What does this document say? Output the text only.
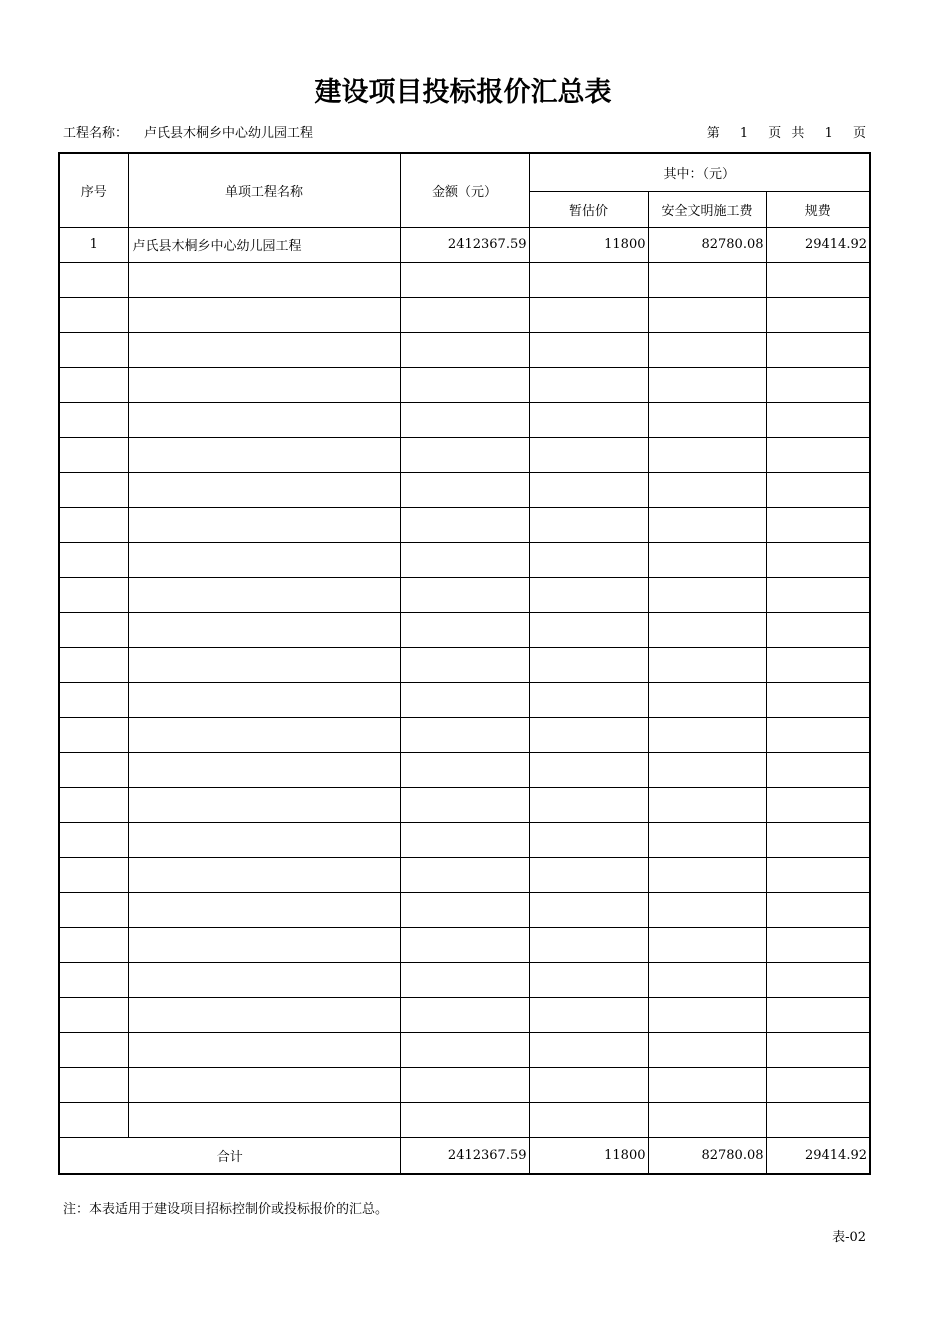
建设项目投标报价汇总表
工程名称： 卢氏县木桐乡中心幼儿园工程	第 1 页 共 1 页
序号	单项工程名称	金额（元）	其中：（元）		
			暂估价	安全文明施工费	规费
1	卢氏县木桐乡中心幼儿园工程	2412367.59	11800	82780.08	29414.92

合计		2412367.59	11800	82780.08	29414.92
注：本表适用于建设项目招标控制价或投标报价的汇总。
表-02
